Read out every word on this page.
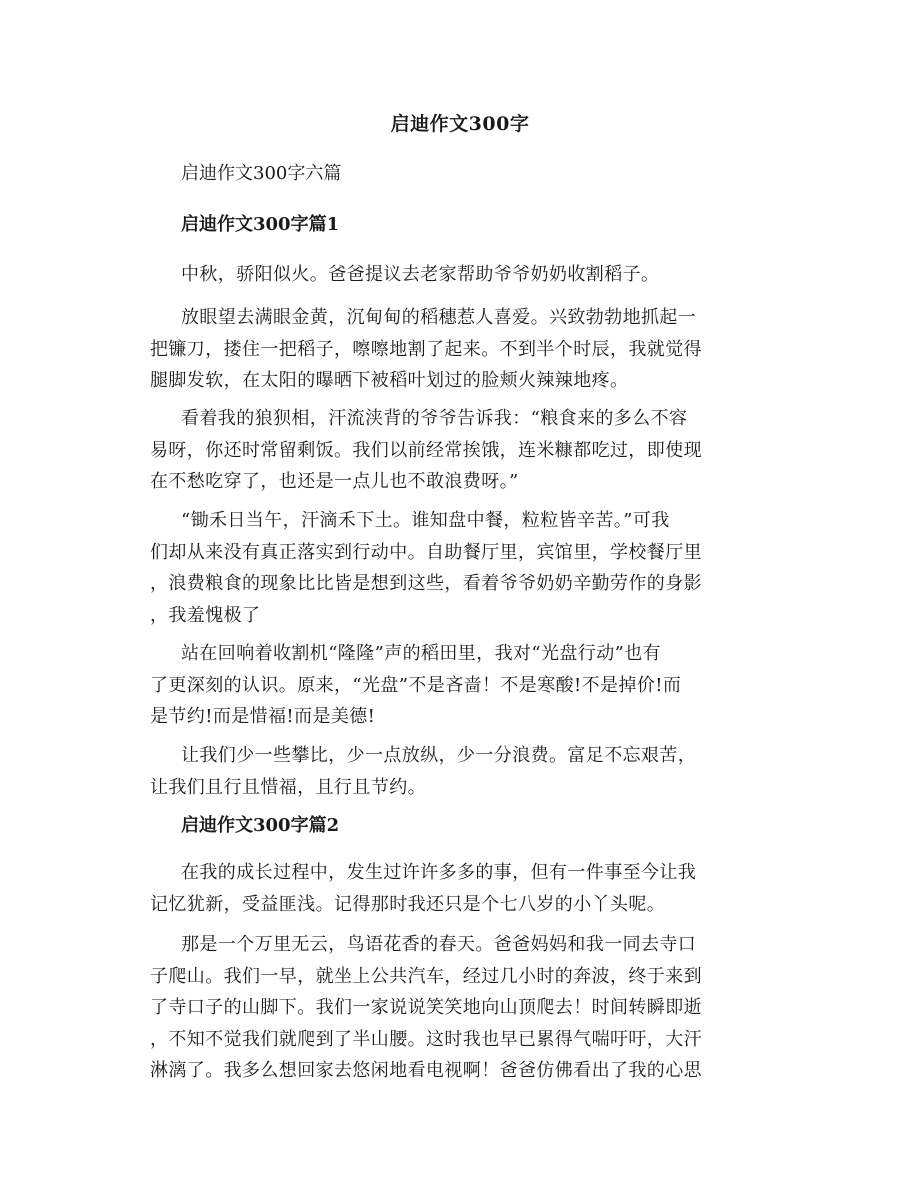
启迪作文300字
启迪作文300字六篇
启迪作文300字篇1
中秋，骄阳似火。爸爸提议去老家帮助爷爷奶奶收割稻子。
放眼望去满眼金黄，沉甸甸的稻穗惹人喜爱。兴致勃勃地抓起一
把镰刀，搂住一把稻子，嚓嚓地割了起来。不到半个时辰，我就觉得
腿脚发软，在太阳的曝晒下被稻叶划过的脸颊火辣辣地疼。
看着我的狼狈相，汗流浃背的爷爷告诉我：“粮食来的多么不容
易呀，你还时常留剩饭。我们以前经常挨饿，连米糠都吃过，即使现
在不愁吃穿了，也还是一点儿也不敢浪费呀。”
“锄禾日当午，汗滴禾下土。谁知盘中餐，粒粒皆辛苦。”可我
们却从来没有真正落实到行动中。自助餐厅里，宾馆里，学校餐厅里
，浪费粮食的现象比比皆是想到这些，看着爷爷奶奶辛勤劳作的身影
，我羞愧极了
站在回响着收割机“隆隆”声的稻田里，我对“光盘行动”也有
了更深刻的认识。原来，“光盘”不是吝啬！不是寒酸!不是掉价!而
是节约!而是惜福!而是美德!
让我们少一些攀比，少一点放纵，少一分浪费。富足不忘艰苦，
让我们且行且惜福，且行且节约。
启迪作文300字篇2
在我的成长过程中，发生过许许多多的事，但有一件事至今让我
记忆犹新，受益匪浅。记得那时我还只是个七八岁的小丫头呢。
那是一个万里无云，鸟语花香的春天。爸爸妈妈和我一同去寺口
子爬山。我们一早，就坐上公共汽车，经过几小时的奔波，终于来到
了寺口子的山脚下。我们一家说说笑笑地向山顶爬去！时间转瞬即逝
，不知不觉我们就爬到了半山腰。这时我也早已累得气喘吁吁，大汗
淋漓了。我多么想回家去悠闲地看电视啊！爸爸仿佛看出了我的心思
